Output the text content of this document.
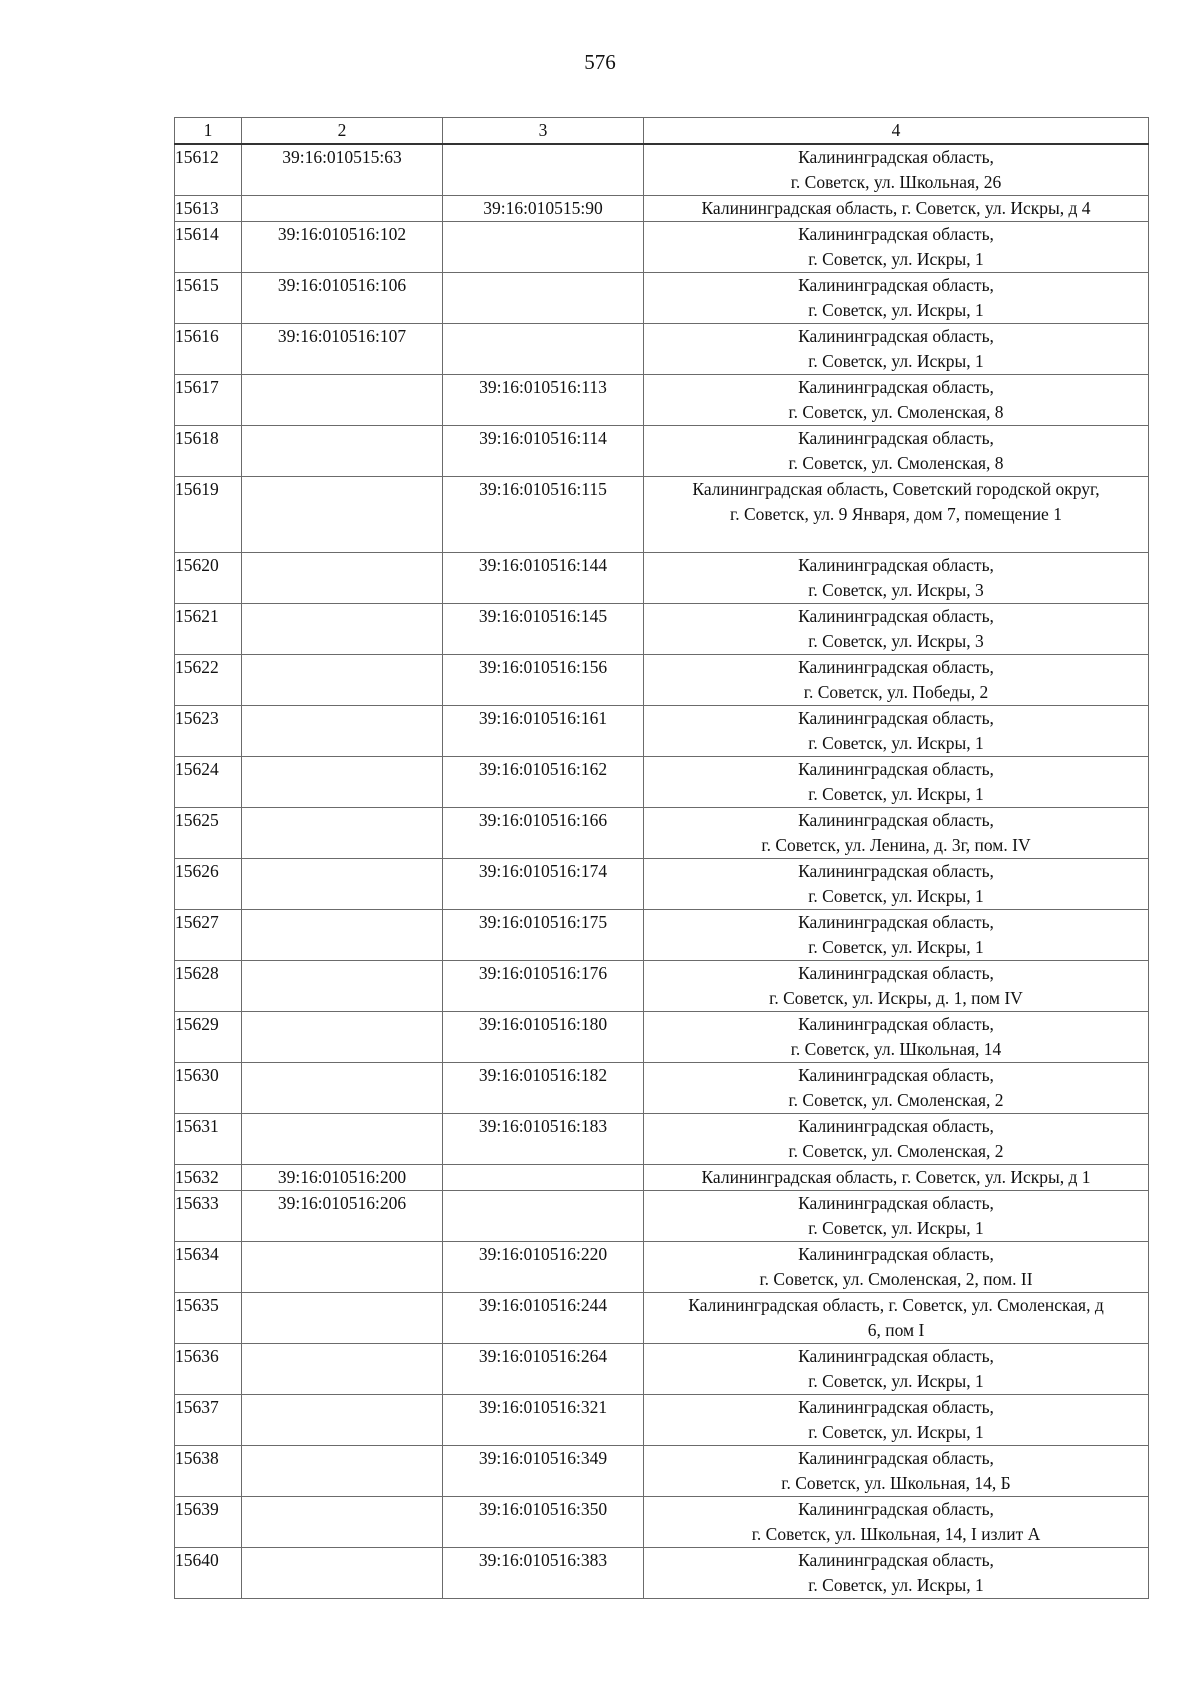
576
1	2	3	4
15612	39:16:010515:63		Калининградская область,
г. Советск, ул. Школьная, 26

15613		39:16:010515:90	Калининградская область, г. Советск, ул. Искры, д 4

15614	39:16:010516:102		Калининградская область,
г. Советск, ул. Искры, 1

15615	39:16:010516:106		Калининградская область,
г. Советск, ул. Искры, 1

15616	39:16:010516:107		Калининградская область,
г. Советск, ул. Искры, 1

15617		39:16:010516:113	Калининградская область,
г. Советск, ул. Смоленская, 8

15618		39:16:010516:114	Калининградская область,
г. Советск, ул. Смоленская, 8

15619		39:16:010516:115	Калининградская область, Советский городской округ,
г. Советск, ул. 9 Января, дом 7, помещение 1

15620		39:16:010516:144	Калининградская область,
г. Советск, ул. Искры, 3

15621		39:16:010516:145	Калининградская область,
г. Советск, ул. Искры, 3

15622		39:16:010516:156	Калининградская область,
г. Советск, ул. Победы, 2

15623		39:16:010516:161	Калининградская область,
г. Советск, ул. Искры, 1

15624		39:16:010516:162	Калининградская область,
г. Советск, ул. Искры, 1

15625		39:16:010516:166	Калининградская область,
г. Советск, ул. Ленина, д. 3г, пом. IV

15626		39:16:010516:174	Калининградская область,
г. Советск, ул. Искры, 1

15627		39:16:010516:175	Калининградская область,
г. Советск, ул. Искры, 1

15628		39:16:010516:176	Калининградская область,
г. Советск, ул. Искры, д. 1, пом IV

15629		39:16:010516:180	Калининградская область,
г. Советск, ул. Школьная, 14

15630		39:16:010516:182	Калининградская область,
г. Советск, ул. Смоленская, 2

15631		39:16:010516:183	Калининградская область,
г. Советск, ул. Смоленская, 2

15632	39:16:010516:200		Калининградская область, г. Советск, ул. Искры, д 1

15633	39:16:010516:206		Калининградская область,
г. Советск, ул. Искры, 1

15634		39:16:010516:220	Калининградская область,
г. Советск, ул. Смоленская, 2, пом. II

15635		39:16:010516:244	Калининградская область, г. Советск, ул. Смоленская, д
6, пом I

15636		39:16:010516:264	Калининградская область,
г. Советск, ул. Искры, 1

15637		39:16:010516:321	Калининградская область,
г. Советск, ул. Искры, 1

15638		39:16:010516:349	Калининградская область,
г. Советск, ул. Школьная, 14, Б

15639		39:16:010516:350	Калининградская область,
г. Советск, ул. Школьная, 14, I излит А

15640		39:16:010516:383	Калининградская область,
г. Советск, ул. Искры, 1
